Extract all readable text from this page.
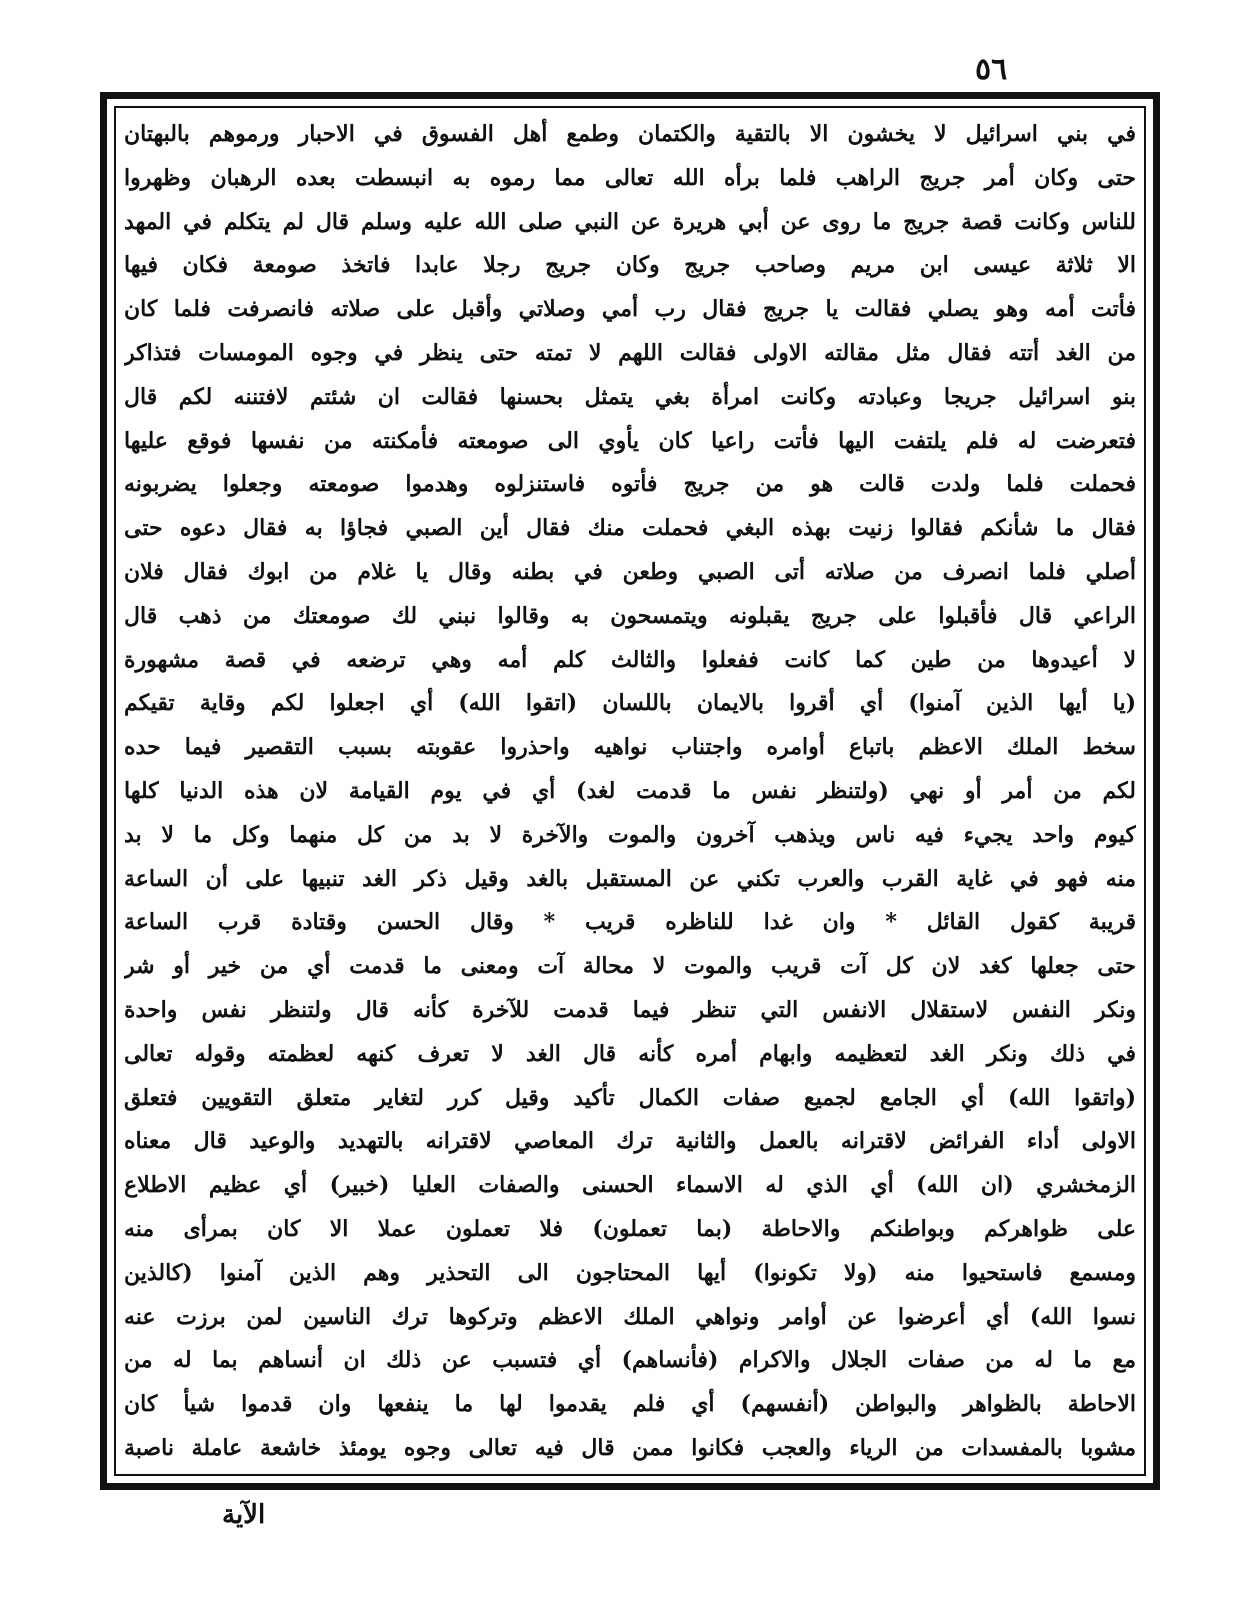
٥٦
في بني اسرائيل لا يخشون الا بالتقية والكتمان وطمع أهل الفسوق في الاحبار ورموهم بالبهتان
حتى وكان أمر جريج الراهب فلما برأه الله تعالى مما رموه به انبسطت بعده الرهبان وظهروا
للناس وكانت قصة جريج ما روى عن أبي هريرة عن النبي صلى الله عليه وسلم قال لم يتكلم في المهد
الا ثلاثة عيسى ابن مريم وصاحب جريج وكان جريج رجلا عابدا فاتخذ صومعة فكان فيها
فأتت أمه وهو يصلي فقالت يا جريج فقال رب أمي وصلاتي وأقبل على صلاته فانصرفت فلما كان
من الغد أتته فقال مثل مقالته الاولى فقالت اللهم لا تمته حتى ينظر في وجوه المومسات فتذاكر
بنو اسرائيل جريجا وعبادته وكانت امرأة بغي يتمثل بحسنها فقالت ان شئتم لافتننه لكم قال
فتعرضت له فلم يلتفت اليها فأتت راعيا كان يأوي الى صومعته فأمكنته من نفسها فوقع عليها
فحملت فلما ولدت قالت هو من جريج فأتوه فاستنزلوه وهدموا صومعته وجعلوا يضربونه
فقال ما شأنكم فقالوا زنيت بهذه البغي فحملت منك فقال أين الصبي فجاؤا به فقال دعوه حتى
أصلي فلما انصرف من صلاته أتى الصبي وطعن في بطنه وقال يا غلام من ابوك فقال فلان
الراعي قال فأقبلوا على جريج يقبلونه ويتمسحون به وقالوا نبني لك صومعتك من ذهب قال
لا أعيدوها من طين كما كانت ففعلوا والثالث كلم أمه وهي ترضعه في قصة مشهورة
(يا أيها الذين آمنوا) أي أقروا بالايمان باللسان (اتقوا الله) أي اجعلوا لكم وقاية تقيكم
سخط الملك الاعظم باتباع أوامره واجتناب نواهيه واحذروا عقوبته بسبب التقصير فيما حده
لكم من أمر أو نهي (ولتنظر نفس ما قدمت لغد) أي في يوم القيامة لان هذه الدنيا كلها
كيوم واحد يجيء فيه ناس ويذهب آخرون والموت والآخرة لا بد من كل منهما وكل ما لا بد
منه فهو في غاية القرب والعرب تكني عن المستقبل بالغد وقيل ذكر الغد تنبيها على أن الساعة
قريبة كقول القائل * وان غدا للناظره قريب * وقال الحسن وقتادة قرب الساعة
حتى جعلها كغد لان كل آت قريب والموت لا محالة آت ومعنى ما قدمت أي من خير أو شر
ونكر النفس لاستقلال الانفس التي تنظر فيما قدمت للآخرة كأنه قال ولتنظر نفس واحدة
في ذلك ونكر الغد لتعظيمه وابهام أمره كأنه قال الغد لا تعرف كنهه لعظمته وقوله تعالى
(واتقوا الله) أي الجامع لجميع صفات الكمال تأكيد وقيل كرر لتغاير متعلق التقويين فتعلق
الاولى أداء الفرائض لاقترانه بالعمل والثانية ترك المعاصي لاقترانه بالتهديد والوعيد قال معناه
الزمخشري (ان الله) أي الذي له الاسماء الحسنى والصفات العليا (خبير) أي عظيم الاطلاع
على ظواهركم وبواطنكم والاحاطة (بما تعملون) فلا تعملون عملا الا كان بمرأى منه
ومسمع فاستحيوا منه (ولا تكونوا) أيها المحتاجون الى التحذير وهم الذين آمنوا (كالذين
نسوا الله) أي أعرضوا عن أوامر ونواهي الملك الاعظم وتركوها ترك الناسين لمن برزت عنه
مع ما له من صفات الجلال والاكرام (فأنساهم) أي فتسبب عن ذلك ان أنساهم بما له من
الاحاطة بالظواهر والبواطن (أنفسهم) أي فلم يقدموا لها ما ينفعها وان قدموا شيأ كان
مشوبا بالمفسدات من الرياء والعجب فكانوا ممن قال فيه تعالى وجوه يومئذ خاشعة عاملة ناصبة
الآية
